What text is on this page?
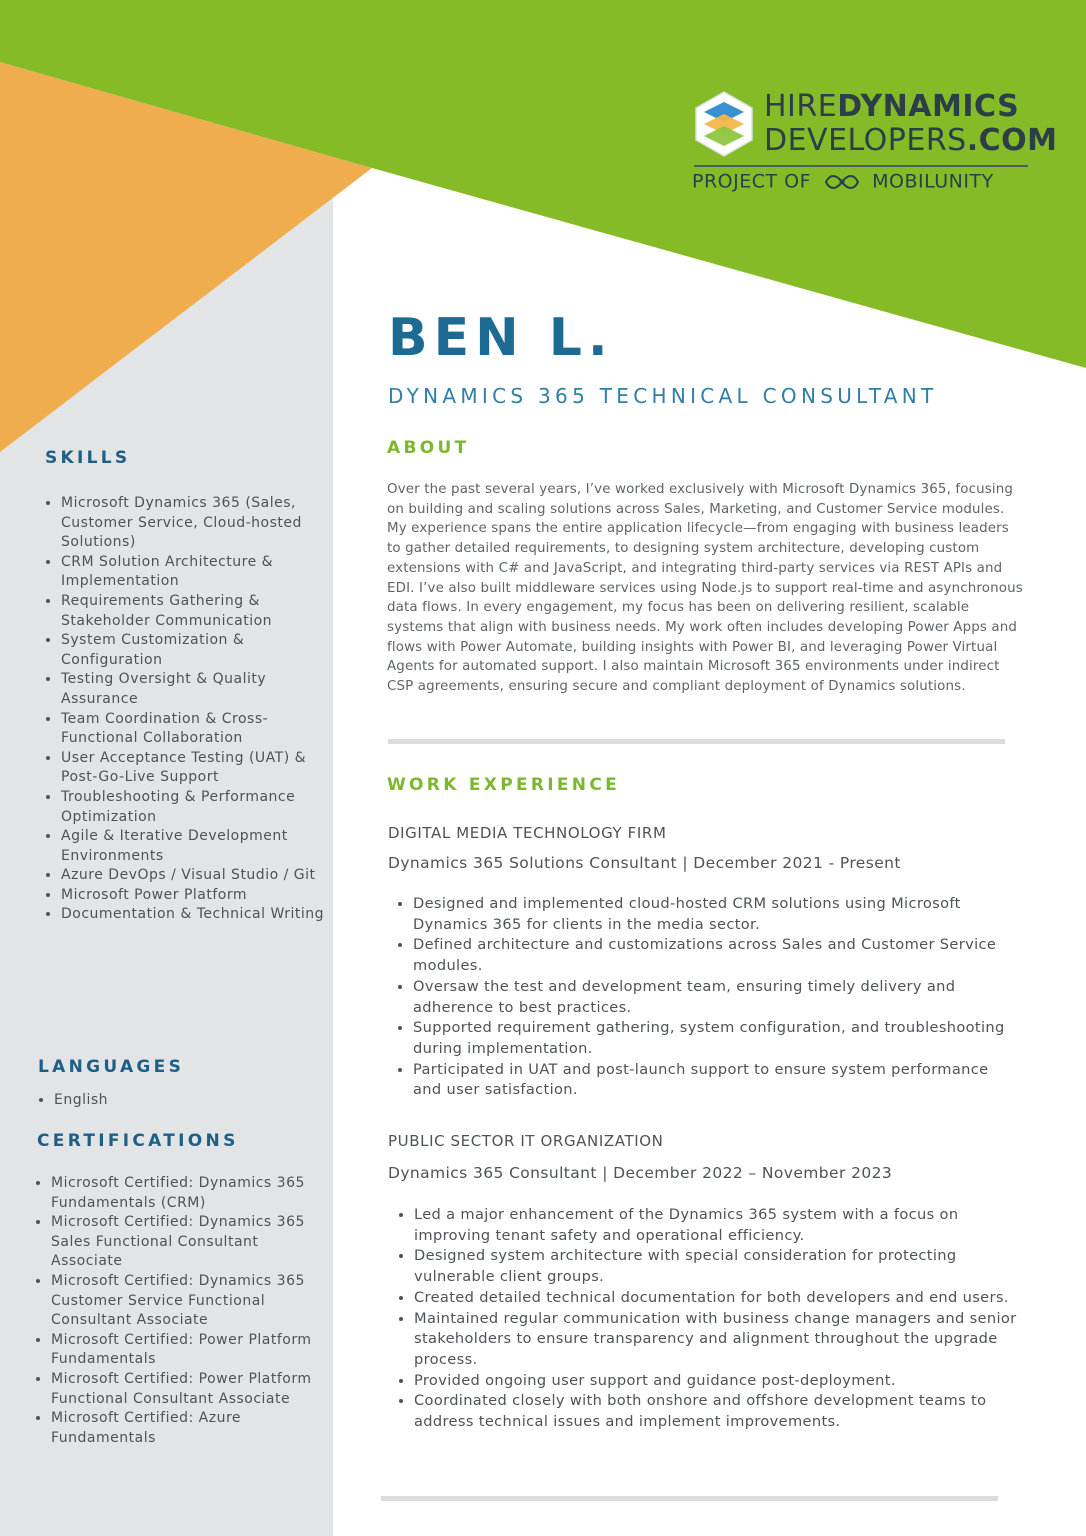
HIREDYNAMICS
DEVELOPERS.COM
PROJECT OF	MOBILUNITY
BEN L.
DYNAMICS 365 TECHNICAL CONSULTANT
ABOUT

Over the past several years, I’ve worked exclusively with Microsoft Dynamics 365, focusing on building and scaling solutions across Sales, Marketing, and Customer Service modules. My experience spans the entire application lifecycle—from engaging with business leaders to gather detailed requirements, to designing system architecture, developing custom extensions with C# and JavaScript, and integrating third-party services via REST APIs and EDI. I’ve also built middleware services using Node.js to support real-time and asynchronous data flows. In every engagement, my focus has been on delivering resilient, scalable systems that align with business needs. My work often includes developing Power Apps and flows with Power Automate, building insights with Power BI, and leveraging Power Virtual Agents for automated support. I also maintain Microsoft 365 environments under indirect CSP agreements, ensuring secure and compliant deployment of Dynamics solutions.

WORK EXPERIENCE
DIGITAL MEDIA TECHNOLOGY FIRM
Dynamics 365 Solutions Consultant | December 2021 - Present
• Designed and implemented cloud-hosted CRM solutions using Microsoft Dynamics 365 for clients in the media sector.
• Defined architecture and customizations across Sales and Customer Service modules.
• Oversaw the test and development team, ensuring timely delivery and adherence to best practices.
• Supported requirement gathering, system configuration, and troubleshooting during implementation.
• Participated in UAT and post-launch support to ensure system performance and user satisfaction.
PUBLIC SECTOR IT ORGANIZATION
Dynamics 365 Consultant | December 2022 – November 2023
• Led a major enhancement of the Dynamics 365 system with a focus on improving tenant safety and operational efficiency.
• Designed system architecture with special consideration for protecting vulnerable client groups.
• Created detailed technical documentation for both developers and end users.
• Maintained regular communication with business change managers and senior stakeholders to ensure transparency and alignment throughout the upgrade process.
• Provided ongoing user support and guidance post-deployment.
• Coordinated closely with both onshore and offshore development teams to address technical issues and implement improvements.
SKILLS
• Microsoft Dynamics 365 (Sales, Customer Service, Cloud-hosted Solutions)
• CRM Solution Architecture & Implementation
• Requirements Gathering & Stakeholder Communication
• System Customization & Configuration
• Testing Oversight & Quality Assurance
• Team Coordination & Cross-Functional Collaboration
• User Acceptance Testing (UAT) & Post-Go-Live Support
• Troubleshooting & Performance Optimization
• Agile & Iterative Development Environments
• Azure DevOps / Visual Studio / Git
• Microsoft Power Platform
• Documentation & Technical Writing
LANGUAGES
• English
CERTIFICATIONS
• Microsoft Certified: Dynamics 365 Fundamentals (CRM)
• Microsoft Certified: Dynamics 365 Sales Functional Consultant Associate
• Microsoft Certified: Dynamics 365 Customer Service Functional Consultant Associate
• Microsoft Certified: Power Platform Fundamentals
• Microsoft Certified: Power Platform Functional Consultant Associate
• Microsoft Certified: Azure Fundamentals
